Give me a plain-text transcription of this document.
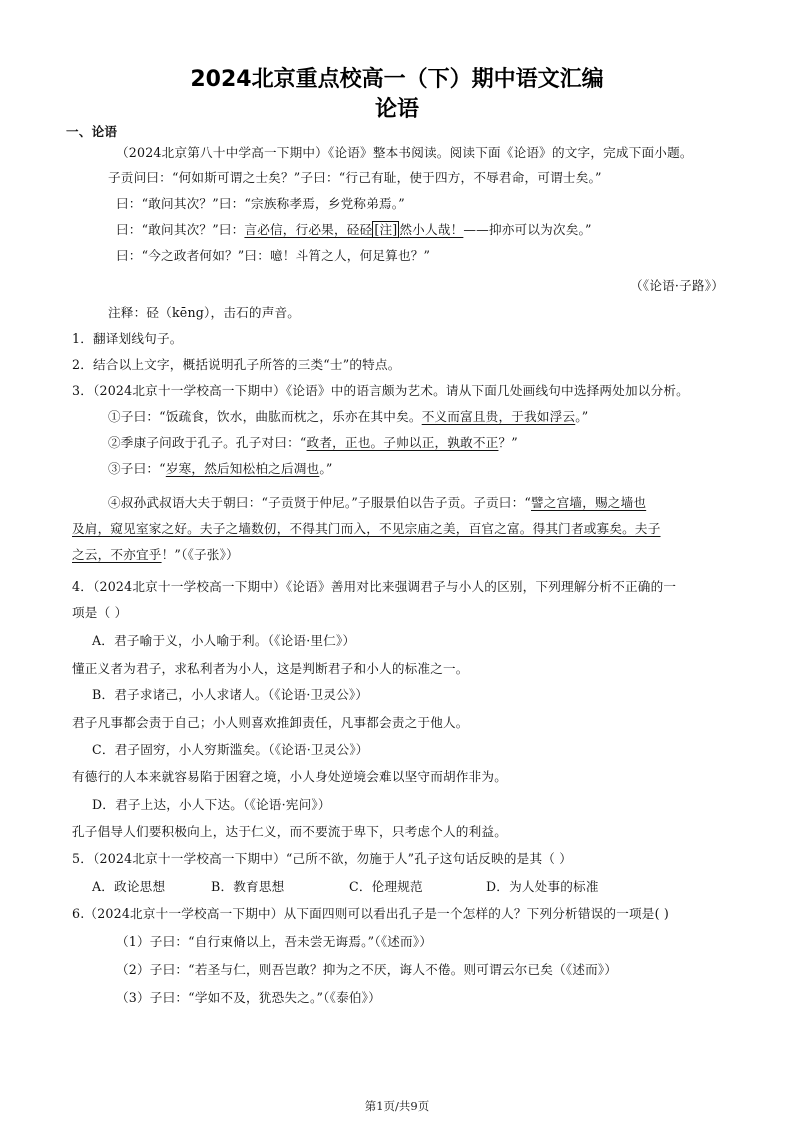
2024北京重点校高一（下）期中语文汇编
论语
一、论语
（2024北京第八十中学高一下期中）《论语》整本书阅读。阅读下面《论语》的文字，完成下面小题。
子贡问曰：“何如斯可谓之士矣？”子曰：“行己有耻，使于四方，不辱君命，可谓士矣。”
曰：“敢问其次？”曰：“宗族称孝焉，乡党称弟焉。”
曰：“敢问其次？”曰：言必信，行必果，硁硁 [注] 然小人哉！——抑亦可以为次矣。”
曰：“今之政者何如？”曰：噫！斗筲之人，何足算也？”
（《论语·子路》）
注释：硁（kēng），击石的声音。
1．翻译划线句子。
2．结合以上文字，概括说明孔子所答的三类“士”的特点。
3．（2024北京十一学校高一下期中）《论语》中的语言颇为艺术。请从下面几处画线句中选择两处加以分析。
①子曰：“饭疏食，饮水，曲肱而枕之，乐亦在其中矣。不义而富且贵，于我如浮云。”
②季康子问政于孔子。孔子对曰：“政者，正也。子帅以正，孰敢不正？”
③子曰：“岁寒，然后知松柏之后凋也。”
④叔孙武叔语大夫于朝曰：“子贡贤于仲尼。”子服景伯以告子贡。子贡曰：“譬之宫墙，赐之墙也
及肩，窥见室家之好。夫子之墙数仞，不得其门而入，不见宗庙之美，百官之富。得其门者或寡矣。夫子
之云，不亦宜乎！”（《子张》）
4．（2024北京十一学校高一下期中）《论语》善用对比来强调君子与小人的区别，下列理解分析不正确的一
项是（ ）
A．君子喻于义，小人喻于利。（《论语·里仁》）
懂正义者为君子，求私利者为小人，这是判断君子和小人的标准之一。
B．君子求诸己，小人求诸人。（《论语·卫灵公》）
君子凡事都会责于自己；小人则喜欢推卸责任，凡事都会责之于他人。
C．君子固穷，小人穷斯滥矣。（《论语·卫灵公》）
有德行的人本来就容易陷于困窘之境，小人身处逆境会难以坚守而胡作非为。
D．君子上达，小人下达。（《论语·宪问》）
孔子倡导人们要积极向上，达于仁义，而不要流于卑下，只考虑个人的利益。
5．（2024北京十一学校高一下期中）“己所不欲，勿施于人”孔子这句话反映的是其（ ）
A．政论思想	B．教育思想	C．伦理规范	D．为人处事的标准
6.（2024北京十一学校高一下期中）从下面四则可以看出孔子是一个怎样的人？下列分析错误的一项是( )
（1）子曰：“自行束脩以上，吾未尝无诲焉。”（《述而》）
（2）子曰：“若圣与仁，则吾岂敢？抑为之不厌，诲人不倦。则可谓云尔已矣（《述而》）
（3）子曰：“学如不及，犹恐失之。”（《泰伯》）
第1页/共9页
